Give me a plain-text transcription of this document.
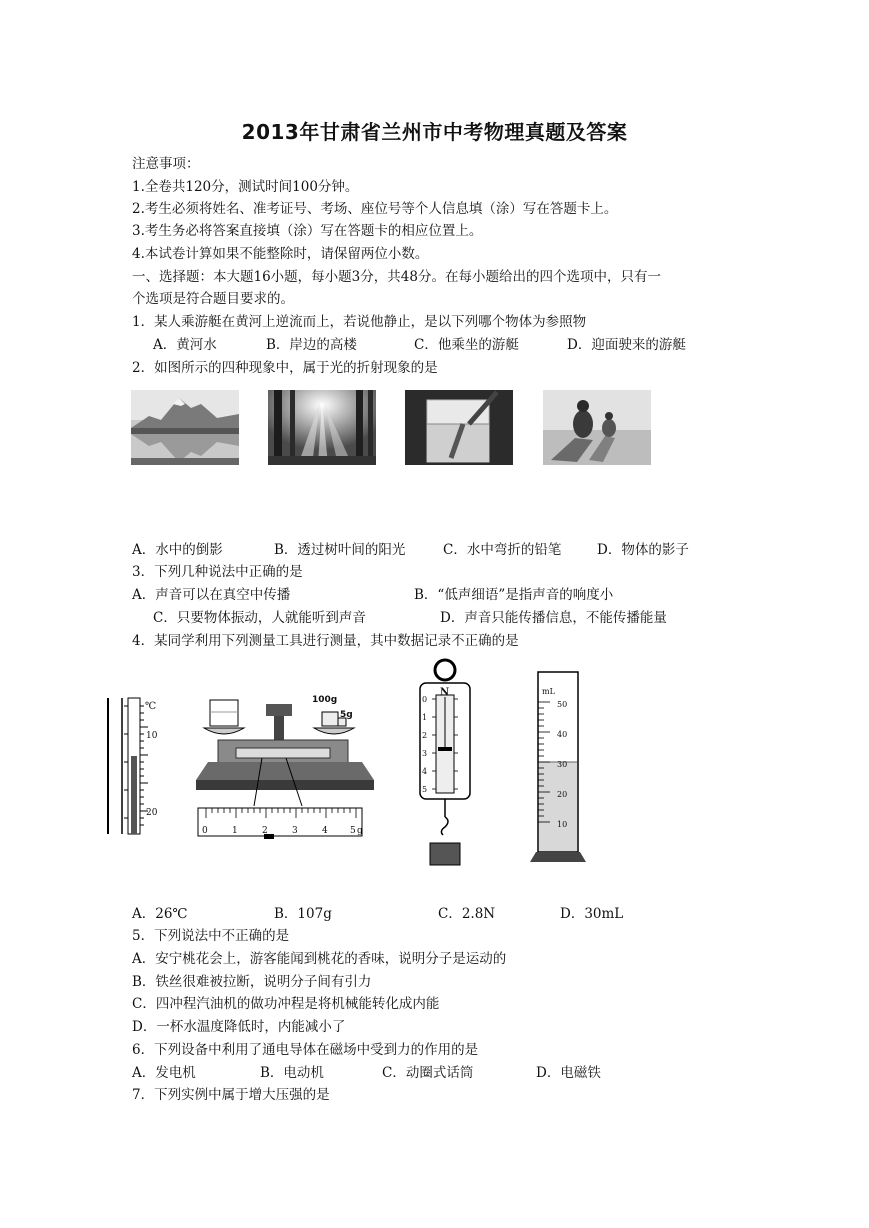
2013年甘肃省兰州市中考物理真题及答案
注意事项：
1.全卷共120分，测试时间100分钟。
2.考生必须将姓名、准考证号、考场、座位号等个人信息填（涂）写在答题卡上。
3.考生务必将答案直接填（涂）写在答题卡的相应位置上。
4.本试卷计算如果不能整除时，请保留两位小数。
一、选择题：本大题16小题，每小题3分，共48分。在每小题给出的四个选项中，只有一
个选项是符合题目要求的。
1．某人乘游艇在黄河上逆流而上，若说他静止，是以下列哪个物体为参照物
A．黄河水	B．岸边的高楼	C．他乘坐的游艇	D．迎面驶来的游艇
2．如图所示的四种现象中，属于光的折射现象的是
A．水中的倒影	B．透过树叶间的阳光	C．水中弯折的铅笔	D．物体的影子
3．下列几种说法中正确的是
A．声音可以在真空中传播	B．“低声细语”是指声音的响度小
C．只要物体振动，人就能听到声音	D．声音只能传播信息，不能传播能量
4．某同学利用下列测量工具进行测量，其中数据记录不正确的是
℃
10
20
100g
5g
0	1	2	3	4 5 g
N
0
1
2
3
4
5
mL
50
40
30
20
10
A．26℃	B．107g	C．2.8N	D．30mL
5．下列说法中不正确的是
A．安宁桃花会上，游客能闻到桃花的香味，说明分子是运动的
B．铁丝很难被拉断，说明分子间有引力
C．四冲程汽油机的做功冲程是将机械能转化成内能
D．一杯水温度降低时，内能减小了
6．下列设备中利用了通电导体在磁场中受到力的作用的是
A．发电机	B．电动机	C．动圈式话筒	D．电磁铁
7．下列实例中属于增大压强的是
